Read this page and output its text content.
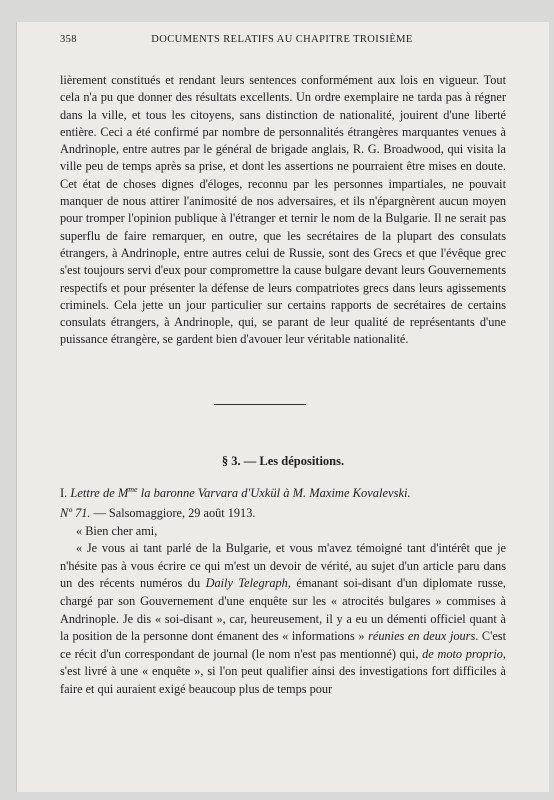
358	DOCUMENTS RELATIFS AU CHAPITRE TROISIÈME

lièrement constitués et rendant leurs sentences conformément aux lois en vigueur. Tout cela n'a pu que donner des résultats excellents. Un ordre exemplaire ne tarda pas à régner dans la ville, et tous les citoyens, sans distinction de nationalité, jouirent d'une liberté entière. Ceci a été confirmé par nombre de personnalités étrangères marquantes venues à Andrinople, entre autres par le général de brigade anglais, R. G. Broadwood, qui visita la ville peu de temps après sa prise, et dont les assertions ne pourraient être mises en doute. Cet état de choses dignes d'éloges, reconnu par les personnes impartiales, ne pouvait manquer de nous attirer l'animosité de nos adversaires, et ils n'épargnèrent aucun moyen pour tromper l'opinion publique à l'étranger et ternir le nom de la Bulgarie. Il ne serait pas superflu de faire remarquer, en outre, que les secrétaires de la plupart des consulats étrangers, à Andrinople, entre autres celui de Russie, sont des Grecs et que l'évêque grec s'est toujours servi d'eux pour compromettre la cause bulgare devant leurs Gouvernements respectifs et pour présenter la défense de leurs compatriotes grecs dans leurs agissements criminels. Cela jette un jour particulier sur certains rapports de secrétaires de certains consulats étrangers, à Andrinople, qui, se parant de leur qualité de représentants d'une puissance étrangère, se gardent bien d'avouer leur véritable nationalité.

§ 3. — Les dépositions.
I. Lettre de $M^{me}$ la baronne Varvara d'Uxkül à M. Maxime Kovalevski.

Nº 71. — Salsomaggiore, 29 août 1913.

« Bien cher ami,

« Je vous ai tant parlé de la Bulgarie, et vous m'avez témoigné tant d'intérêt que je n'hésite pas à vous écrire ce qui m'est un devoir de vérité, au sujet d'un article paru dans un des récents numéros du Daily Telegraph, émanant soi-disant d'un diplomate russe, chargé par son Gouvernement d'une enquête sur les « atrocités bulgares » commises à Andrinople. Je dis « soi-disant », car, heureusement, il y a eu un démenti officiel quant à la position de la personne dont émanent des « informations » réunies en deux jours. C'est ce récit d'un correspondant de journal (le nom n'est pas mentionné) qui, de moto proprio, s'est livré à une « enquête », si l'on peut qualifier ainsi des investigations fort difficiles à faire et qui auraient exigé beaucoup plus de temps pour
